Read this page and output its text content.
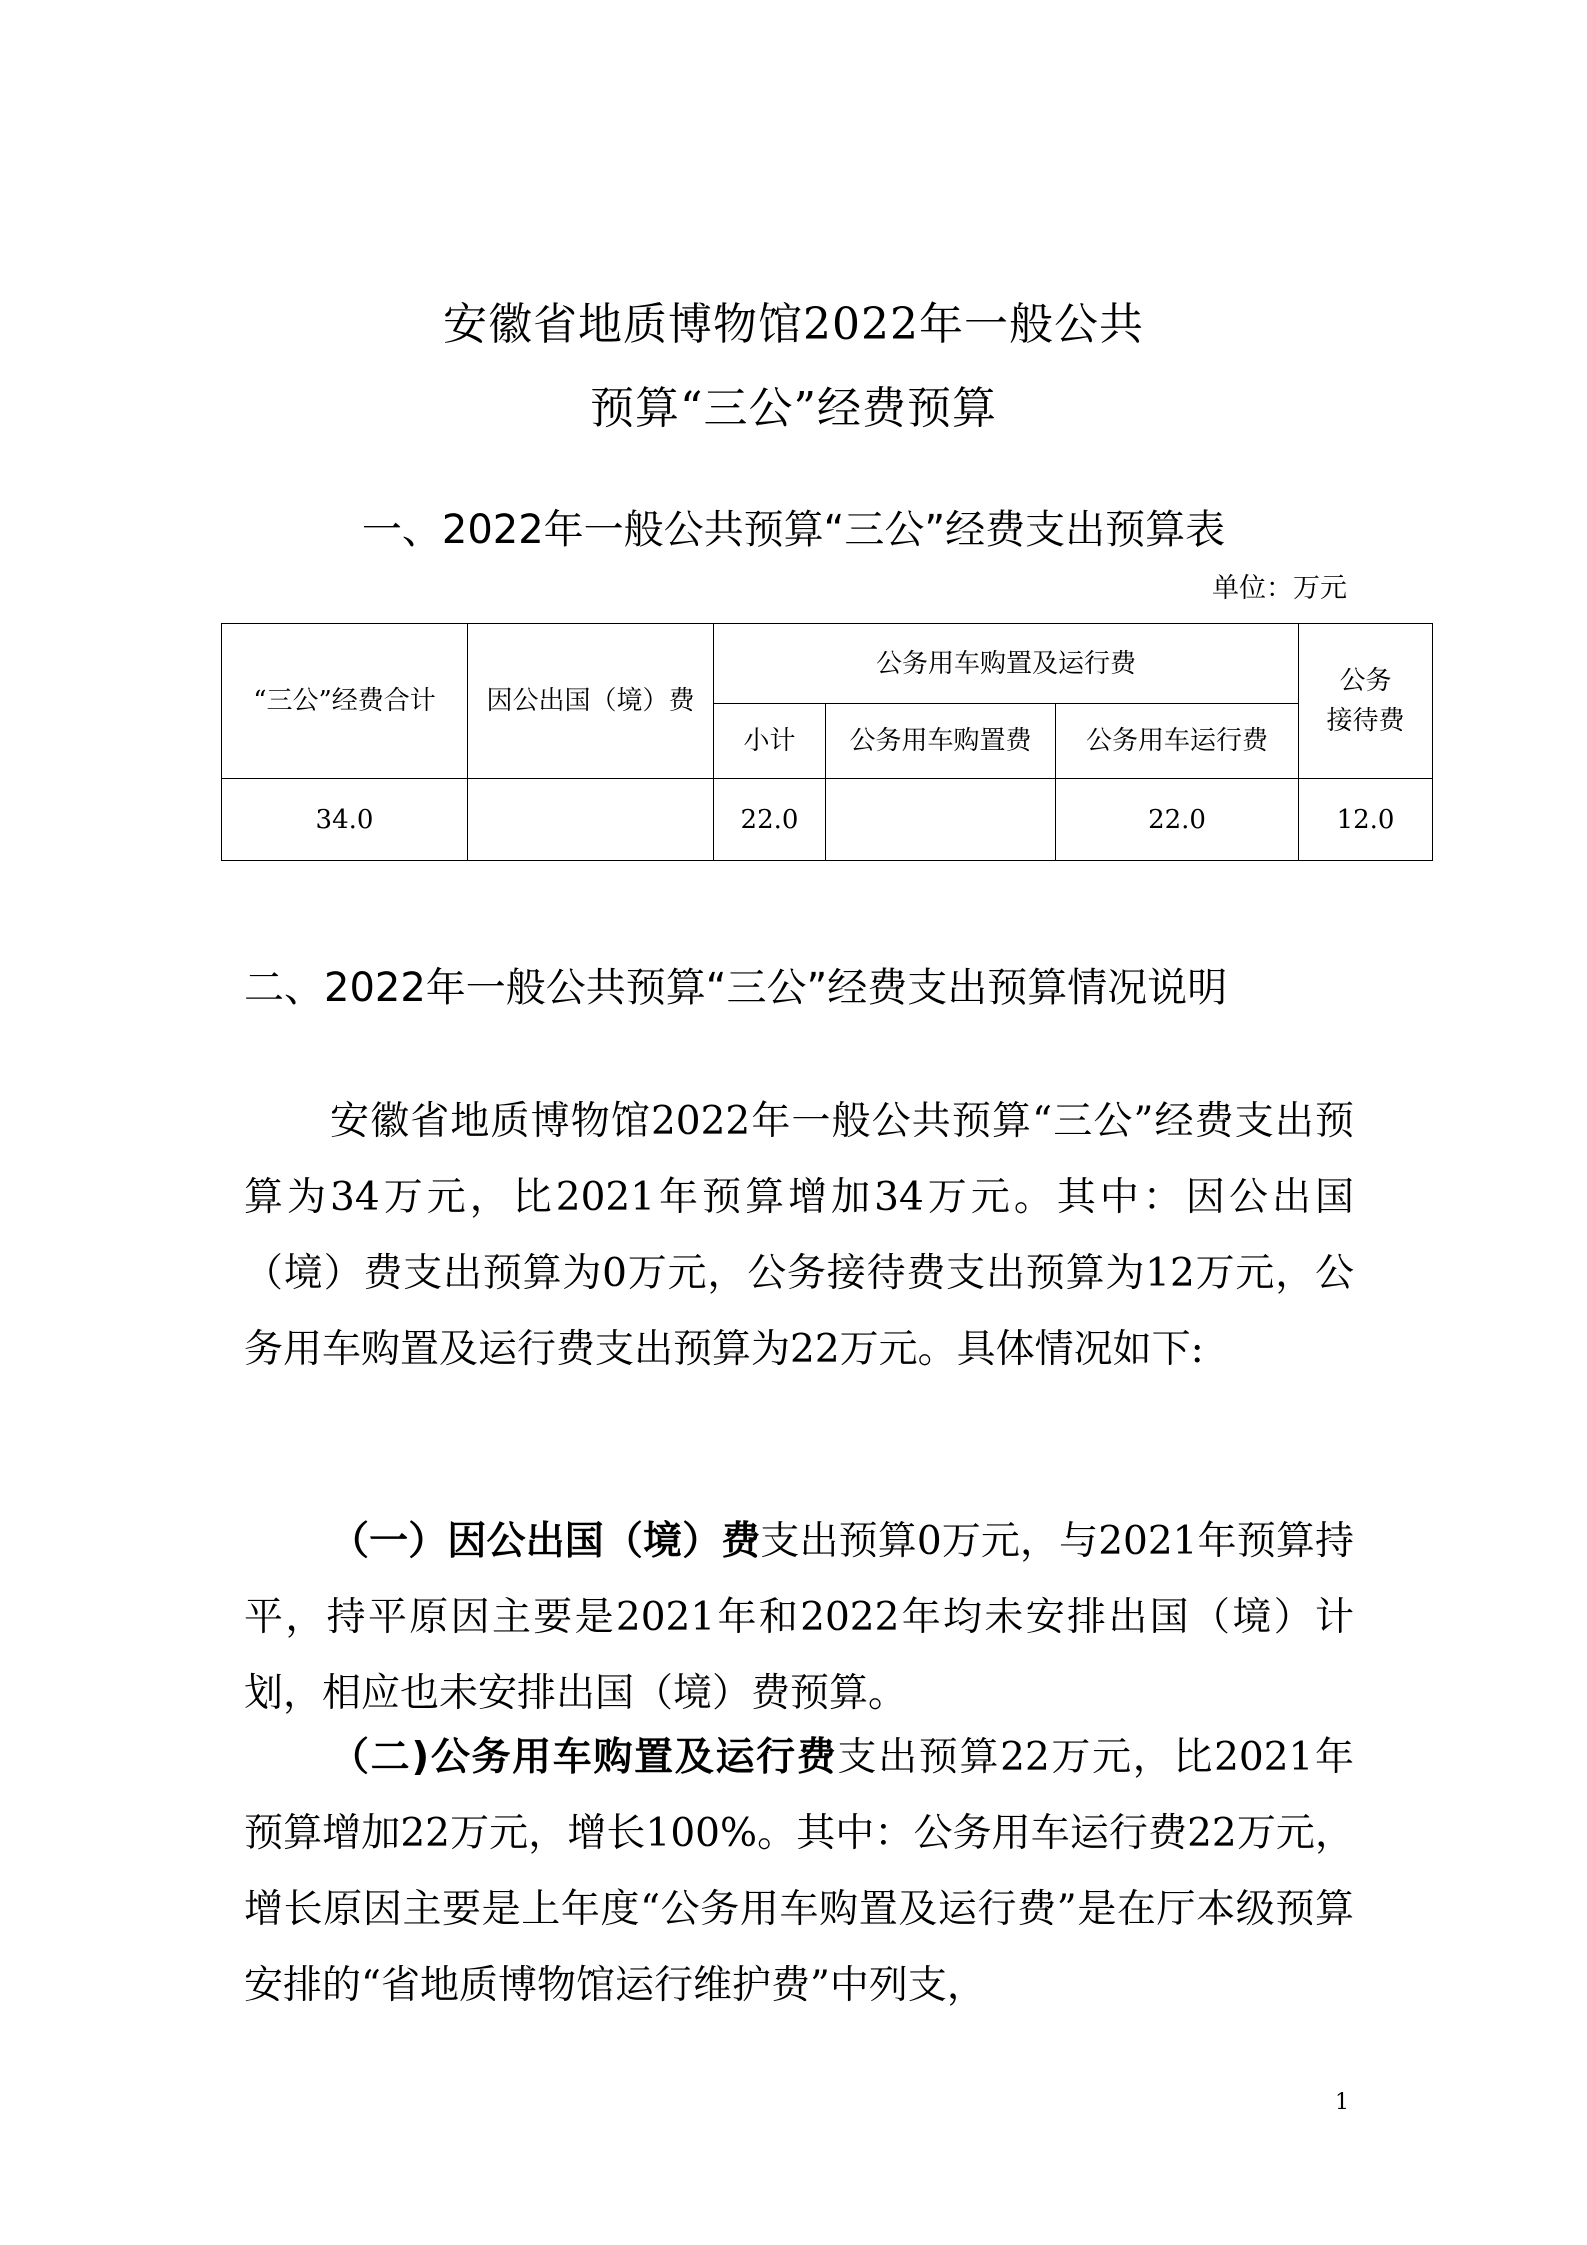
安徽省地质博物馆2022年一般公共
预算“三公”经费预算
一、2022年一般公共预算“三公”经费支出预算表
单位：万元
“三公”经费合计	因公出国（境）费	公务用车购置及运行费			公务
接待费
		小计	公务用车购置费	公务用车运行费	
34.0		22.0		22.0	12.0
二、2022年一般公共预算“三公”经费支出预算情况说明
安徽省地质博物馆2022年一般公共预算“三公”经费支出预算为34万元，比2021年预算增加34万元。其中：因公出国（境）费支出预算为0万元，公务接待费支出预算为12万元，公务用车购置及运行费支出预算为22万元。具体情况如下:
（一）因公出国（境）费支出预算0万元，与2021年预算持平，持平原因主要是2021年和2022年均未安排出国（境）计划，相应也未安排出国（境）费预算。
（二)公务用车购置及运行费支出预算22万元，比2021年预算增加22万元，增长100%。其中：公务用车运行费22万元，增长原因主要是上年度“公务用车购置及运行费”是在厅本级预算安排的“省地质博物馆运行维护费”中列支，
1
